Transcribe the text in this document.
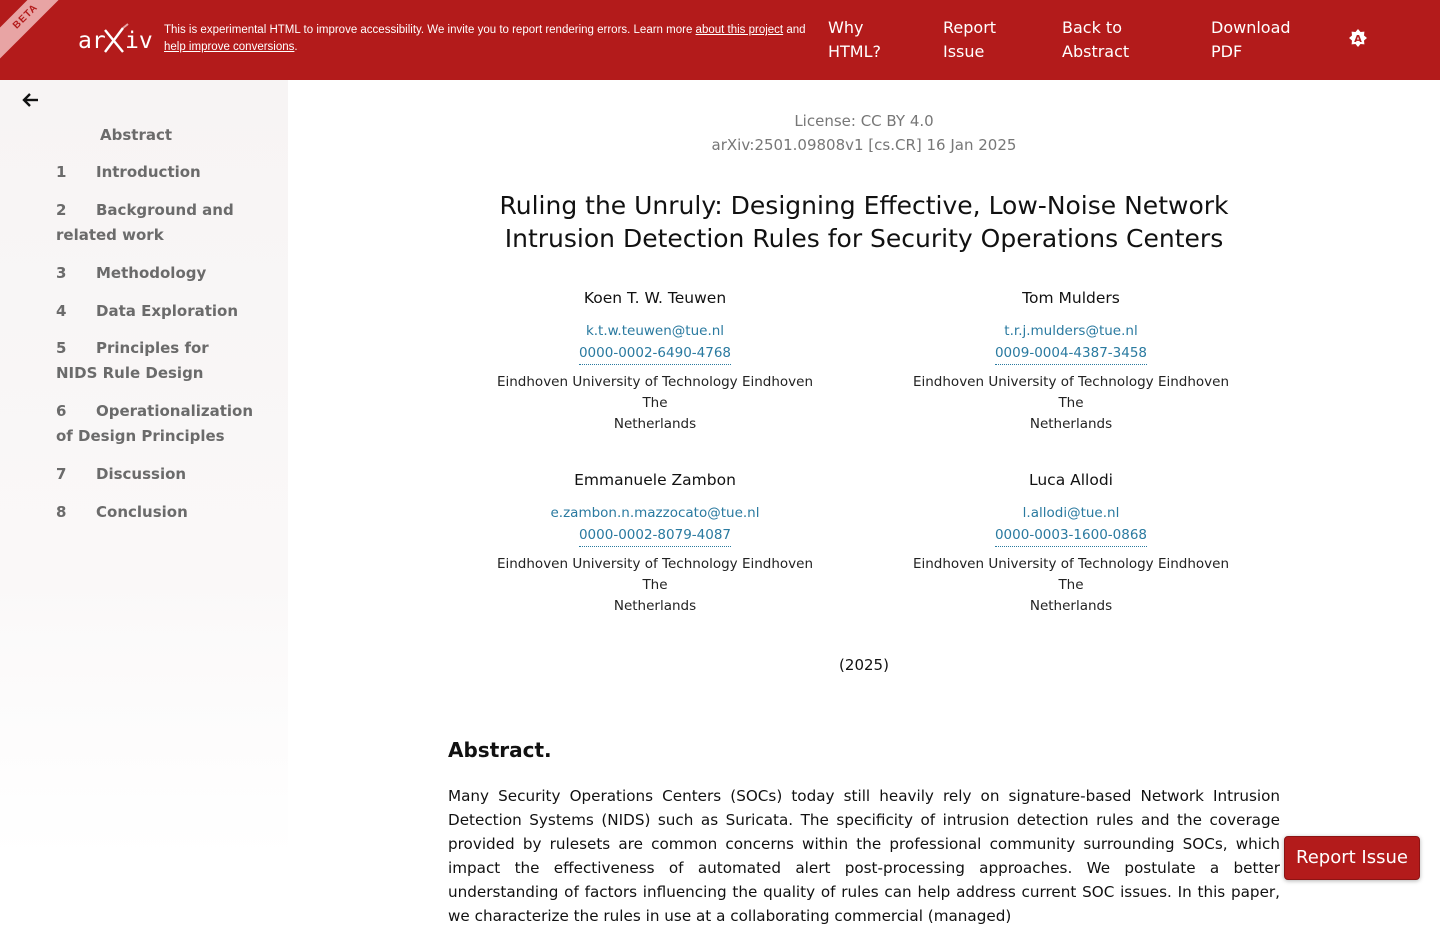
BETA
ar iv This is experimental HTML to improve accessibility. We invite you to report rendering errors. Learn more about this project and
help improve conversions.
Why
HTML?
Report
Issue
Back to
Abstract
Download
PDF
A
Abstract
1 Introduction
2 Background and related work
3 Methodology
4 Data Exploration
5 Principles for NIDS Rule Design
6 Operationalization of Design Principles
7 Discussion
8 Conclusion
License: CC BY 4.0
arXiv:2501.09808v1 [cs.CR] 16 Jan 2025
Ruling the Unruly: Designing Effective, Low-Noise Network
Intrusion Detection Rules for Security Operations Centers
Koen T. W. Teuwen
k.t.w.teuwen@tue.nl
0000-0002-6490-4768
Eindhoven University of Technology Eindhoven The
Netherlands
Tom Mulders
t.r.j.mulders@tue.nl
0009-0004-4387-3458
Eindhoven University of Technology Eindhoven The
Netherlands
Emmanuele Zambon
e.zambon.n.mazzocato@tue.nl
0000-0002-8079-4087
Eindhoven University of Technology Eindhoven The
Netherlands
Luca Allodi
l.allodi@tue.nl
0000-0003-1600-0868
Eindhoven University of Technology Eindhoven The
Netherlands
(2025)
Abstract.
Many Security Operations Centers (SOCs) today still heavily rely on signature-based Network Intrusion Detection Systems (NIDS) such as Suricata. The specificity of intrusion detection rules and the coverage provided by rulesets are common concerns within the professional community surrounding SOCs, which impact the effectiveness of automated alert post-processing approaches. We postulate a better understanding of factors influencing the quality of rules can help address current SOC issues. In this paper, we characterize the rules in use at a collaborating commercial (managed)
Report Issue
